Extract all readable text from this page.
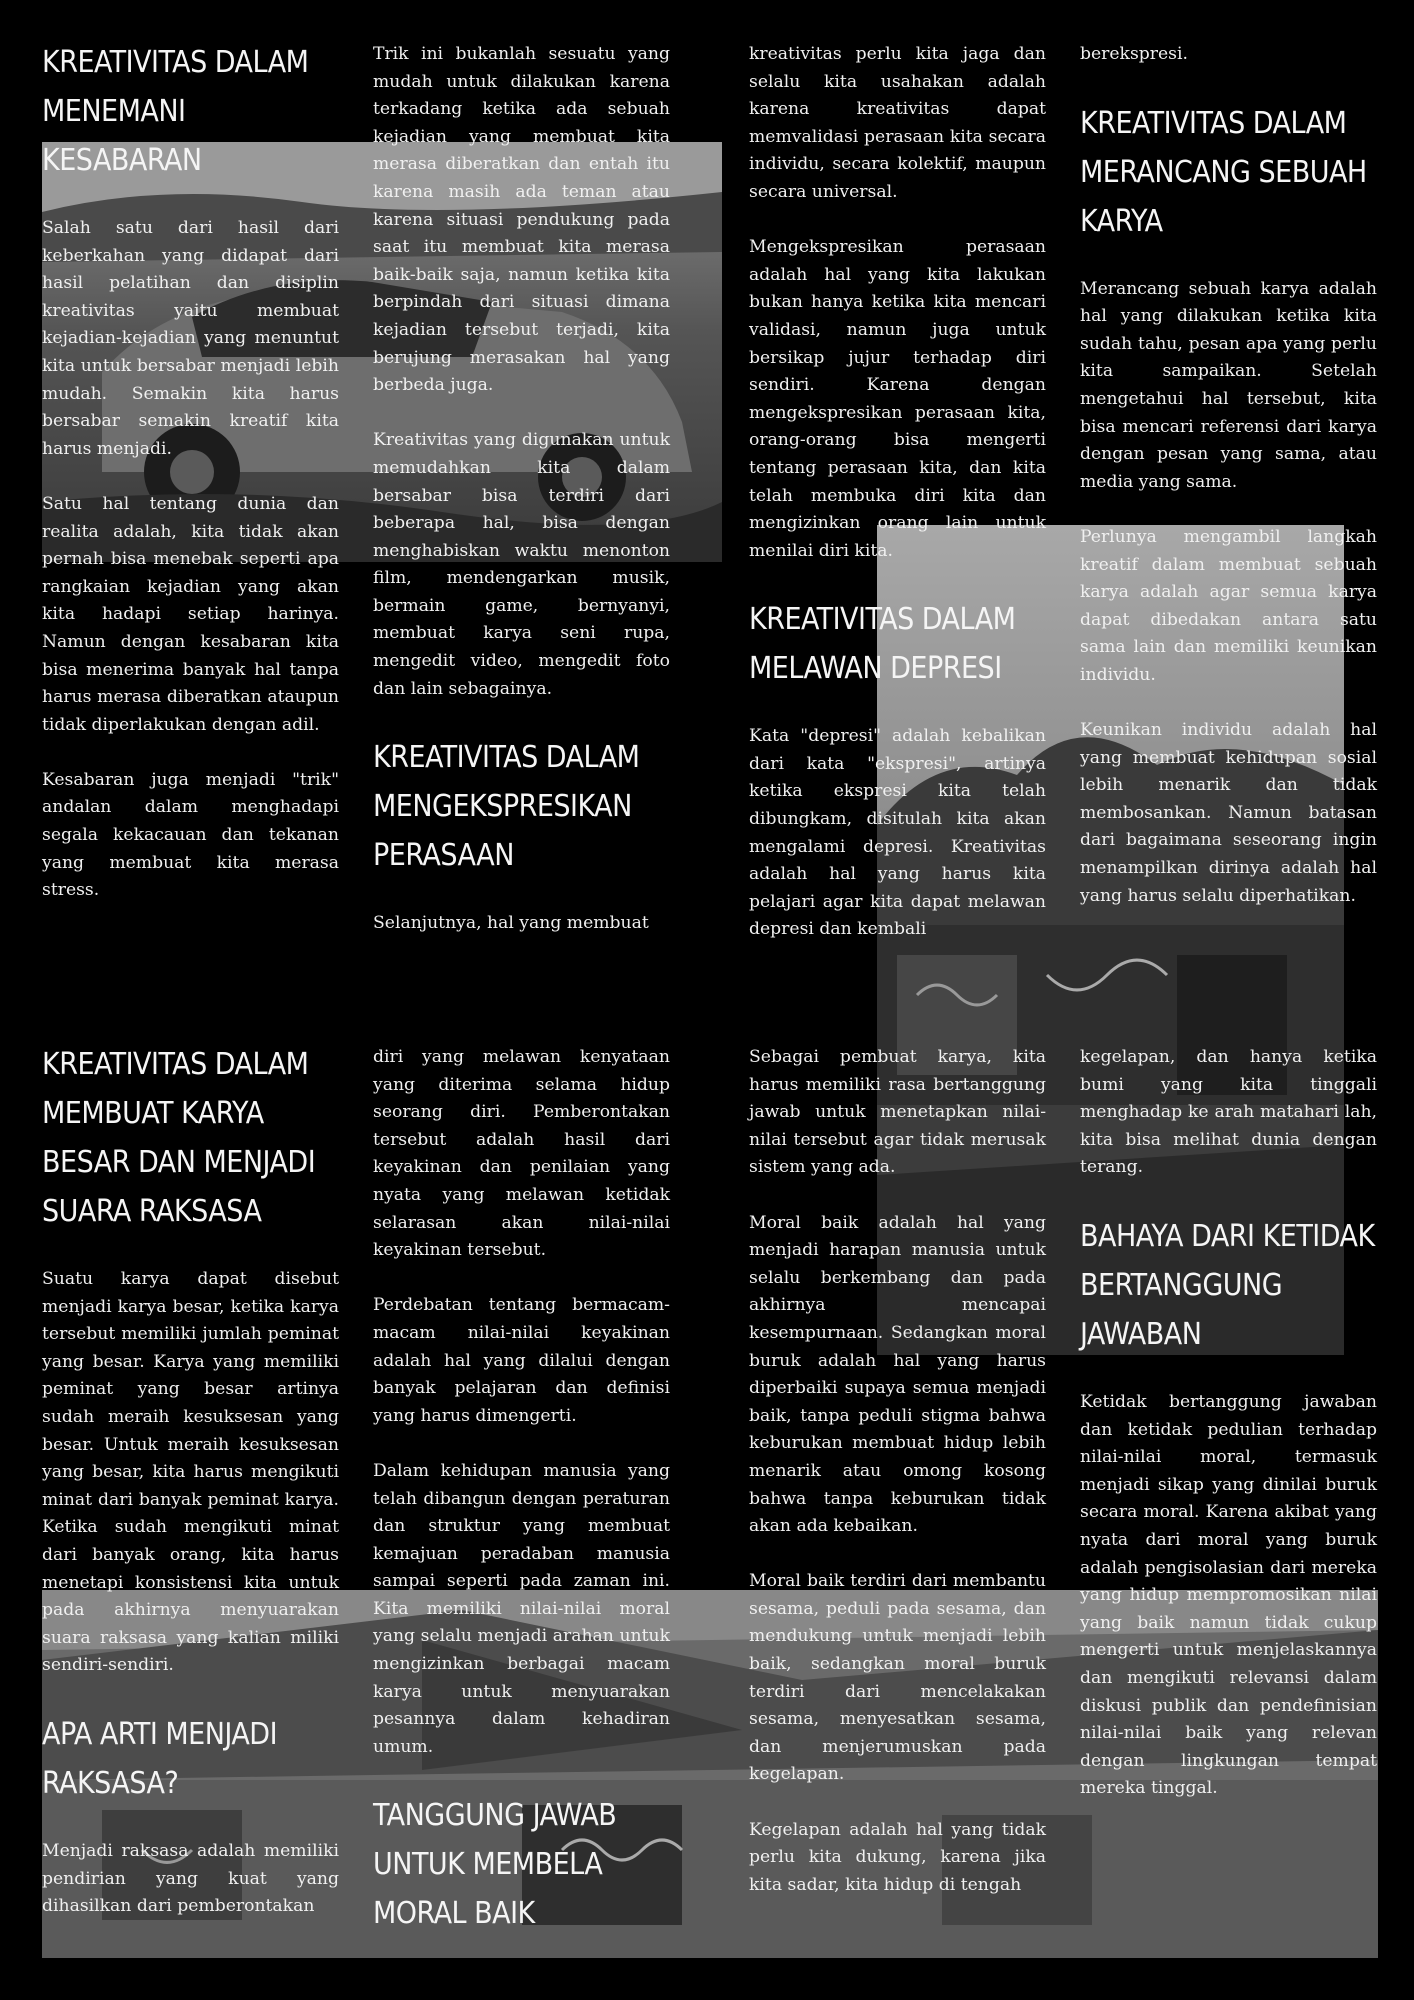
KREATIVITAS DALAM MENEMANI KESABARAN

Salah satu dari hasil dari keberkahan yang didapat dari hasil pelatihan dan disiplin kreativitas yaitu membuat kejadian-kejadian yang menuntut kita untuk bersabar menjadi lebih mudah. Semakin kita harus bersabar semakin kreatif kita harus menjadi.

Satu hal tentang dunia dan realita adalah, kita tidak akan pernah bisa menebak seperti apa rangkaian kejadian yang akan kita hadapi setiap harinya. Namun dengan kesabaran kita bisa menerima banyak hal tanpa harus merasa diberatkan ataupun tidak diperlakukan dengan adil.

Kesabaran juga menjadi "trik" andalan dalam menghadapi segala kekacauan dan tekanan yang membuat kita merasa stress.

Trik ini bukanlah sesuatu yang mudah untuk dilakukan karena terkadang ketika ada sebuah kejadian yang membuat kita merasa diberatkan dan entah itu karena masih ada teman atau karena situasi pendukung pada saat itu membuat kita merasa baik-baik saja, namun ketika kita berpindah dari situasi dimana kejadian tersebut terjadi, kita berujung merasakan hal yang berbeda juga.

Kreativitas yang digunakan untuk memudahkan kita dalam bersabar bisa terdiri dari beberapa hal, bisa dengan menghabiskan waktu menonton film, mendengarkan musik, bermain game, bernyanyi, membuat karya seni rupa, mengedit video, mengedit foto dan lain sebagainya.

KREATIVITAS DALAM MENGEKSPRESIKAN PERASAAN

Selanjutnya, hal yang membuat

kreativitas perlu kita jaga dan selalu kita usahakan adalah karena kreativitas dapat memvalidasi perasaan kita secara individu, secara kolektif, maupun secara universal.

Mengekspresikan perasaan adalah hal yang kita lakukan bukan hanya ketika kita mencari validasi, namun juga untuk bersikap jujur terhadap diri sendiri. Karena dengan mengekspresikan perasaan kita, orang-orang bisa mengerti tentang perasaan kita, dan kita telah membuka diri kita dan mengizinkan orang lain untuk menilai diri kita.

KREATIVITAS DALAM MELAWAN DEPRESI

Kata "depresi" adalah kebalikan dari kata "ekspresi", artinya ketika ekspresi kita telah dibungkam, disitulah kita akan mengalami depresi. Kreativitas adalah hal yang harus kita pelajari agar kita dapat melawan depresi dan kembali

berekspresi.

KREATIVITAS DALAM MERANCANG SEBUAH KARYA

Merancang sebuah karya adalah hal yang dilakukan ketika kita sudah tahu, pesan apa yang perlu kita sampaikan. Setelah mengetahui hal tersebut, kita bisa mencari referensi dari karya dengan pesan yang sama, atau media yang sama.

Perlunya mengambil langkah kreatif dalam membuat sebuah karya adalah agar semua karya dapat dibedakan antara satu sama lain dan memiliki keunikan individu.

Keunikan individu adalah hal yang membuat kehidupan sosial lebih menarik dan tidak membosankan. Namun batasan dari bagaimana seseorang ingin menampilkan dirinya adalah hal yang harus selalu diperhatikan.

KREATIVITAS DALAM MEMBUAT KARYA BESAR DAN MENJADI SUARA RAKSASA

Suatu karya dapat disebut menjadi karya besar, ketika karya tersebut memiliki jumlah peminat yang besar. Karya yang memiliki peminat yang besar artinya sudah meraih kesuksesan yang besar. Untuk meraih kesuksesan yang besar, kita harus mengikuti minat dari banyak peminat karya. Ketika sudah mengikuti minat dari banyak orang, kita harus menetapi konsistensi kita untuk pada akhirnya menyuarakan suara raksasa yang kalian miliki sendiri-sendiri.

APA ARTI MENJADI RAKSASA?

Menjadi raksasa adalah memiliki pendirian yang kuat yang dihasilkan dari pemberontakan

diri yang melawan kenyataan yang diterima selama hidup seorang diri. Pemberontakan tersebut adalah hasil dari keyakinan dan penilaian yang nyata yang melawan ketidak selarasan akan nilai-nilai keyakinan tersebut.

Perdebatan tentang bermacam-macam nilai-nilai keyakinan adalah hal yang dilalui dengan banyak pelajaran dan definisi yang harus dimengerti.

Dalam kehidupan manusia yang telah dibangun dengan peraturan dan struktur yang membuat kemajuan peradaban manusia sampai seperti pada zaman ini. Kita memiliki nilai-nilai moral yang selalu menjadi arahan untuk mengizinkan berbagai macam karya untuk menyuarakan pesannya dalam kehadiran umum.

TANGGUNG JAWAB UNTUK MEMBELA MORAL BAIK

Sebagai pembuat karya, kita harus memiliki rasa bertanggung jawab untuk menetapkan nilai-nilai tersebut agar tidak merusak sistem yang ada.

Moral baik adalah hal yang menjadi harapan manusia untuk selalu berkembang dan pada akhirnya mencapai kesempurnaan. Sedangkan moral buruk adalah hal yang harus diperbaiki supaya semua menjadi baik, tanpa peduli stigma bahwa keburukan membuat hidup lebih menarik atau omong kosong bahwa tanpa keburukan tidak akan ada kebaikan.

Moral baik terdiri dari membantu sesama, peduli pada sesama, dan mendukung untuk menjadi lebih baik, sedangkan moral buruk terdiri dari mencelakakan sesama, menyesatkan sesama, dan menjerumuskan pada kegelapan.

Kegelapan adalah hal yang tidak perlu kita dukung, karena jika kita sadar, kita hidup di tengah

kegelapan, dan hanya ketika bumi yang kita tinggali menghadap ke arah matahari lah, kita bisa melihat dunia dengan terang.

BAHAYA DARI KETIDAK BERTANGGUNG JAWABAN

Ketidak bertanggung jawaban dan ketidak pedulian terhadap nilai-nilai moral, termasuk menjadi sikap yang dinilai buruk secara moral. Karena akibat yang nyata dari moral yang buruk adalah pengisolasian dari mereka yang hidup mempromosikan nilai yang baik namun tidak cukup mengerti untuk menjelaskannya dan mengikuti relevansi dalam diskusi publik dan pendefinisian nilai-nilai baik yang relevan dengan lingkungan tempat mereka tinggal.
